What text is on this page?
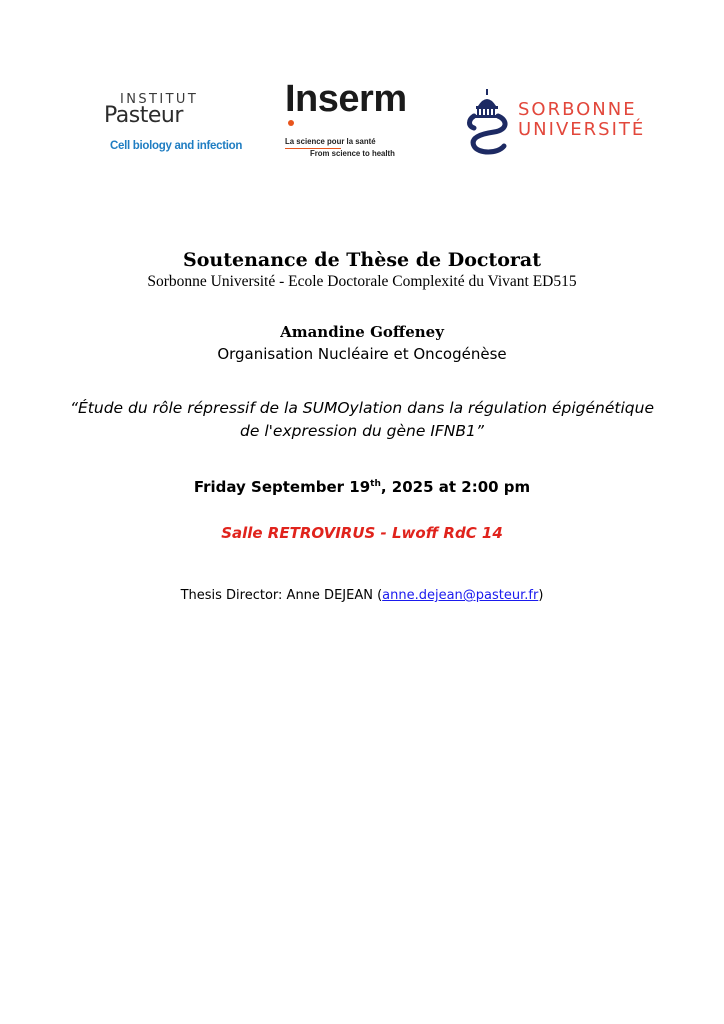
INSTITUT
Pasteur
Cell biology and infection
Inserm
La science pour la santé
From science to health
SORBONNE
UNIVERSITÉ
Soutenance de Thèse de Doctorat
Sorbonne Université - Ecole Doctorale Complexité du Vivant ED515
Amandine Goffeney
Organisation Nucléaire et Oncogénèse
“Étude du rôle répressif de la SUMOylation dans la régulation épigénétique
de l'expression du gène IFNB1”
Friday September 19th, 2025 at 2:00 pm
Salle RETROVIRUS - Lwoff RdC 14
Thesis Director: Anne DEJEAN (anne.dejean@pasteur.fr)
